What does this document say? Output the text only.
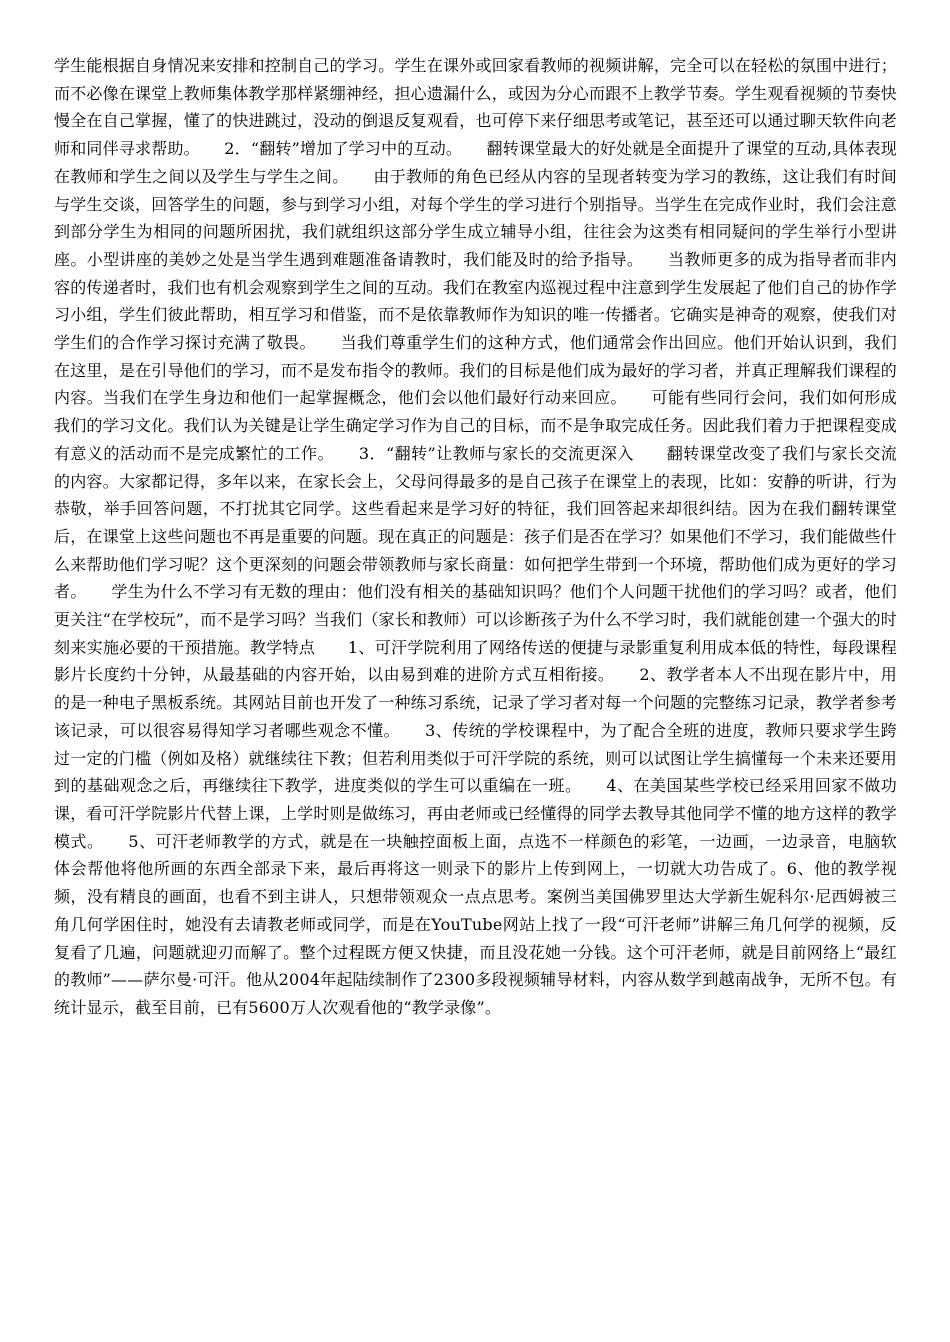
学生能根据自身情况来安排和控制自己的学习。学生在课外或回家看教师的视频讲解，完全可以在轻松的氛围中进行；而不必像在课堂上教师集体教学那样紧绷神经，担心遗漏什么，或因为分心而跟不上教学节奏。学生观看视频的节奏快慢全在自己掌握，懂了的快进跳过，没动的倒退反复观看，也可停下来仔细思考或笔记，甚至还可以通过聊天软件向老师和同伴寻求帮助。　　2．“翻转”增加了学习中的互动。　　翻转课堂最大的好处就是全面提升了课堂的互动,具体表现在教师和学生之间以及学生与学生之间。　　由于教师的角色已经从内容的呈现者转变为学习的教练，这让我们有时间与学生交谈，回答学生的问题，参与到学习小组，对每个学生的学习进行个别指导。当学生在完成作业时，我们会注意到部分学生为相同的问题所困扰，我们就组织这部分学生成立辅导小组，往往会为这类有相同疑问的学生举行小型讲座。小型讲座的美妙之处是当学生遇到难题准备请教时，我们能及时的给予指导。　　当教师更多的成为指导者而非内容的传递者时，我们也有机会观察到学生之间的互动。我们在教室内巡视过程中注意到学生发展起了他们自己的协作学习小组，学生们彼此帮助，相互学习和借鉴，而不是依靠教师作为知识的唯一传播者。它确实是神奇的观察，使我们对学生们的合作学习探讨充满了敬畏。　　当我们尊重学生们的这种方式，他们通常会作出回应。他们开始认识到，我们在这里，是在引导他们的学习，而不是发布指令的教师。我们的目标是他们成为最好的学习者，并真正理解我们课程的内容。当我们在学生身边和他们一起掌握概念，他们会以他们最好行动来回应。　　可能有些同行会问，我们如何形成我们的学习文化。我们认为关键是让学生确定学习作为自己的目标，而不是争取完成任务。因此我们着力于把课程变成有意义的活动而不是完成繁忙的工作。　　3．“翻转”让教师与家长的交流更深入　　翻转课堂改变了我们与家长交流的内容。大家都记得，多年以来，在家长会上，父母问得最多的是自己孩子在课堂上的表现，比如：安静的听讲，行为恭敬，举手回答问题，不打扰其它同学。这些看起来是学习好的特征，我们回答起来却很纠结。因为在我们翻转课堂后，在课堂上这些问题也不再是重要的问题。现在真正的问题是：孩子们是否在学习？如果他们不学习，我们能做些什么来帮助他们学习呢？这个更深刻的问题会带领教师与家长商量：如何把学生带到一个环境，帮助他们成为更好的学习者。　　学生为什么不学习有无数的理由：他们没有相关的基础知识吗？他们个人问题干扰他们的学习吗？或者，他们更关注“在学校玩”，而不是学习吗？当我们（家长和教师）可以诊断孩子为什么不学习时，我们就能创建一个强大的时刻来实施必要的干预措施。教学特点　　1、可汗学院利用了网络传送的便捷与录影重复利用成本低的特性，每段课程影片长度约十分钟，从最基础的内容开始，以由易到难的进阶方式互相衔接。　　2、教学者本人不出现在影片中，用的是一种电子黑板系统。其网站目前也开发了一种练习系统，记录了学习者对每一个问题的完整练习记录，教学者参考该记录，可以很容易得知学习者哪些观念不懂。　　3、传统的学校课程中，为了配合全班的进度，教师只要求学生跨过一定的门槛（例如及格）就继续往下教；但若利用类似于可汗学院的系统，则可以试图让学生搞懂每一个未来还要用到的基础观念之后，再继续往下教学，进度类似的学生可以重编在一班。　　4、在美国某些学校已经采用回家不做功课，看可汗学院影片代替上课，上学时则是做练习，再由老师或已经懂得的同学去教导其他同学不懂的地方这样的教学模式。　　5、可汗老师教学的方式，就是在一块触控面板上面，点选不一样颜色的彩笔，一边画，一边录音，电脑软体会帮他将他所画的东西全部录下来，最后再将这一则录下的影片上传到网上，一切就大功告成了。6、他的教学视频，没有精良的画面，也看不到主讲人，只想带领观众一点点思考。案例当美国佛罗里达大学新生妮科尔·尼西姆被三角几何学困住时，她没有去请教老师或同学，而是在YouTube网站上找了一段“可汗老师”讲解三角几何学的视频，反复看了几遍，问题就迎刃而解了。整个过程既方便又快捷，而且没花她一分钱。这个可汗老师，就是目前网络上“最红的教师”——萨尔曼·可汗。他从2004年起陆续制作了2300多段视频辅导材料，内容从数学到越南战争，无所不包。有统计显示，截至目前，已有5600万人次观看他的“教学录像”。
